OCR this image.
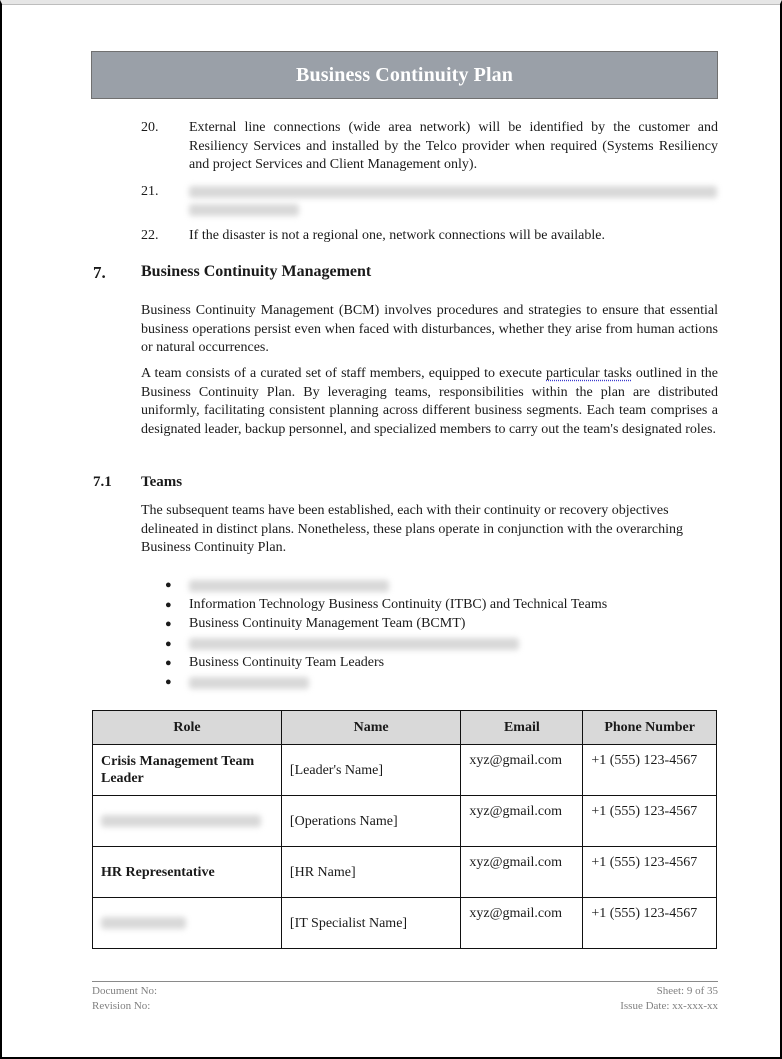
Business Continuity Plan
20.	External line connections (wide area network) will be identified by the customer and Resiliency Services and installed by the Telco provider when required (Systems Resiliency and project Services and Client Management only).
21.

22.	If the disaster is not a regional one, network connections will be available.
7.	Business Continuity Management

Business Continuity Management (BCM) involves procedures and strategies to ensure that essential business operations persist even when faced with disturbances, whether they arise from human actions or natural occurrences.

A team consists of a curated set of staff members, equipped to execute particular tasks outlined in the Business Continuity Plan. By leveraging teams, responsibilities within the plan are distributed uniformly, facilitating consistent planning across different business segments. Each team comprises a designated leader, backup personnel, and specialized members to carry out the team's designated roles.

7.1	Teams

The subsequent teams have been established, each with their continuity or recovery objectives delineated in distinct plans. Nonetheless, these plans operate in conjunction with the overarching Business Continuity Plan.

●
●	Information Technology Business Continuity (ITBC) and Technical Teams
●	Business Continuity Management Team (BCMT)
●
●	Business Continuity Team Leaders
●
Role	Name	Email	Phone Number
Crisis Management Team Leader	[Leader's Name]	xyz@gmail.com	+1 (555) 123-4567
	[Operations Name]	xyz@gmail.com	+1 (555) 123-4567
HR Representative	[HR Name]	xyz@gmail.com	+1 (555) 123-4567
	[IT Specialist Name]	xyz@gmail.com	+1 (555) 123-4567
Document No:	Sheet: 9 of 35
Revision No:	Issue Date: xx-xxx-xx
